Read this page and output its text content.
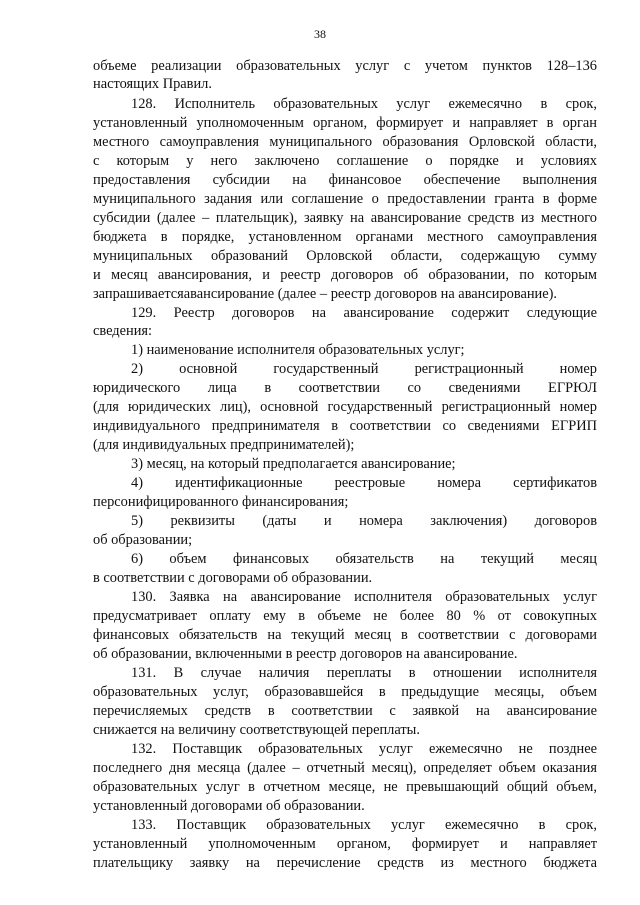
38
объеме реализации образовательных услуг с учетом пунктов 128–136
настоящих Правил.
128. Исполнитель образовательных услуг ежемесячно в срок,
установленный уполномоченным органом, формирует и направляет в орган
местного самоуправления муниципального образования Орловской области,
с которым у него заключено соглашение о порядке и условиях
предоставления субсидии на финансовое обеспечение выполнения
муниципального задания или соглашение о предоставлении гранта в форме
субсидии (далее – плательщик), заявку на авансирование средств из местного
бюджета в порядке, установленном органами местного самоуправления
муниципальных образований Орловской области, содержащую сумму
и месяц авансирования, и реестр договоров об образовании, по которым
запрашиваетсяавансирование (далее – реестр договоров на авансирование).
129. Реестр договоров на авансирование содержит следующие
сведения:
1) наименование исполнителя образовательных услуг;
2) основной государственный регистрационный номер
юридического лица в соответствии со сведениями ЕГРЮЛ
(для юридических лиц), основной государственный регистрационный номер
индивидуального предпринимателя в соответствии со сведениями ЕГРИП
(для индивидуальных предпринимателей);
3) месяц, на который предполагается авансирование;
4) идентификационные реестровые номера сертификатов
персонифицированного финансирования;
5) реквизиты (даты и номера заключения) договоров
об образовании;
6) объем финансовых обязательств на текущий месяц
в соответствии с договорами об образовании.
130. Заявка на авансирование исполнителя образовательных услуг
предусматривает оплату ему в объеме не более 80 % от совокупных
финансовых обязательств на текущий месяц в соответствии с договорами
об образовании, включенными в реестр договоров на авансирование.
131. В случае наличия переплаты в отношении исполнителя
образовательных услуг, образовавшейся в предыдущие месяцы, объем
перечисляемых средств в соответствии с заявкой на авансирование
снижается на величину соответствующей переплаты.
132. Поставщик образовательных услуг ежемесячно не позднее
последнего дня месяца (далее – отчетный месяц), определяет объем оказания
образовательных услуг в отчетном месяце, не превышающий общий объем,
установленный договорами об образовании.
133. Поставщик образовательных услуг ежемесячно в срок,
установленный уполномоченным органом, формирует и направляет
плательщику заявку на перечисление средств из местного бюджета
